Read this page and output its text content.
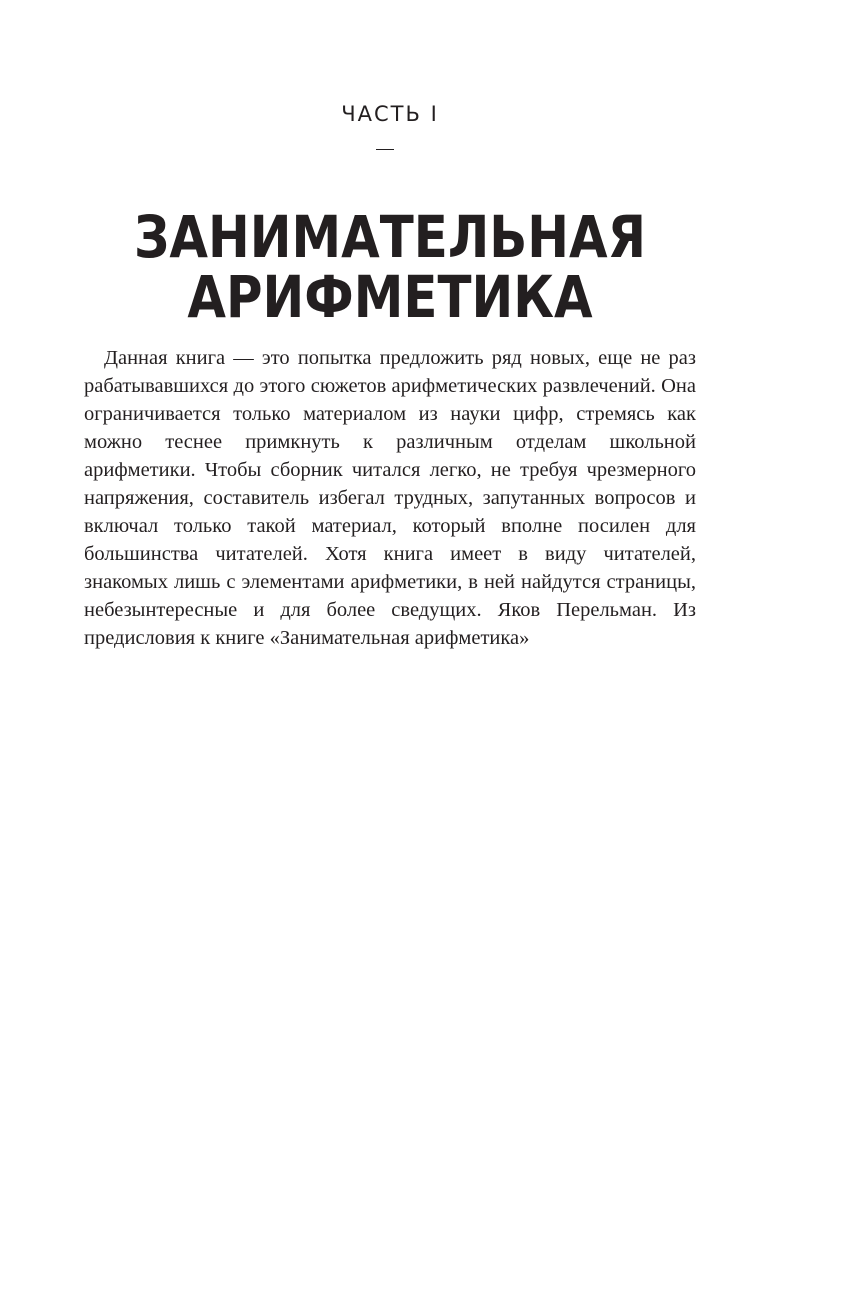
ЧАСТЬ I
ЗАНИМАТЕЛЬНАЯ
АРИФМЕТИКА

Данная книга — это попытка предложить ряд новых, еще не раз рабатывавшихся до этого сюжетов арифметических развлечений. Она ограничивается только материалом из науки цифр, стремясь как можно теснее примкнуть к различным отделам школьной арифметики. Чтобы сборник читался легко, не требуя чрезмерного напряжения, составитель избегал трудных, запутанных вопросов и включал только такой материал, который вполне посилен для большинства читателей. Хотя книга имеет в виду читателей, знакомых лишь с элементами арифметики, в ней найдутся страницы, небезынтересные и для более сведущих. Яков Перельман. Из предисловия к книге «Занимательная арифметика»
